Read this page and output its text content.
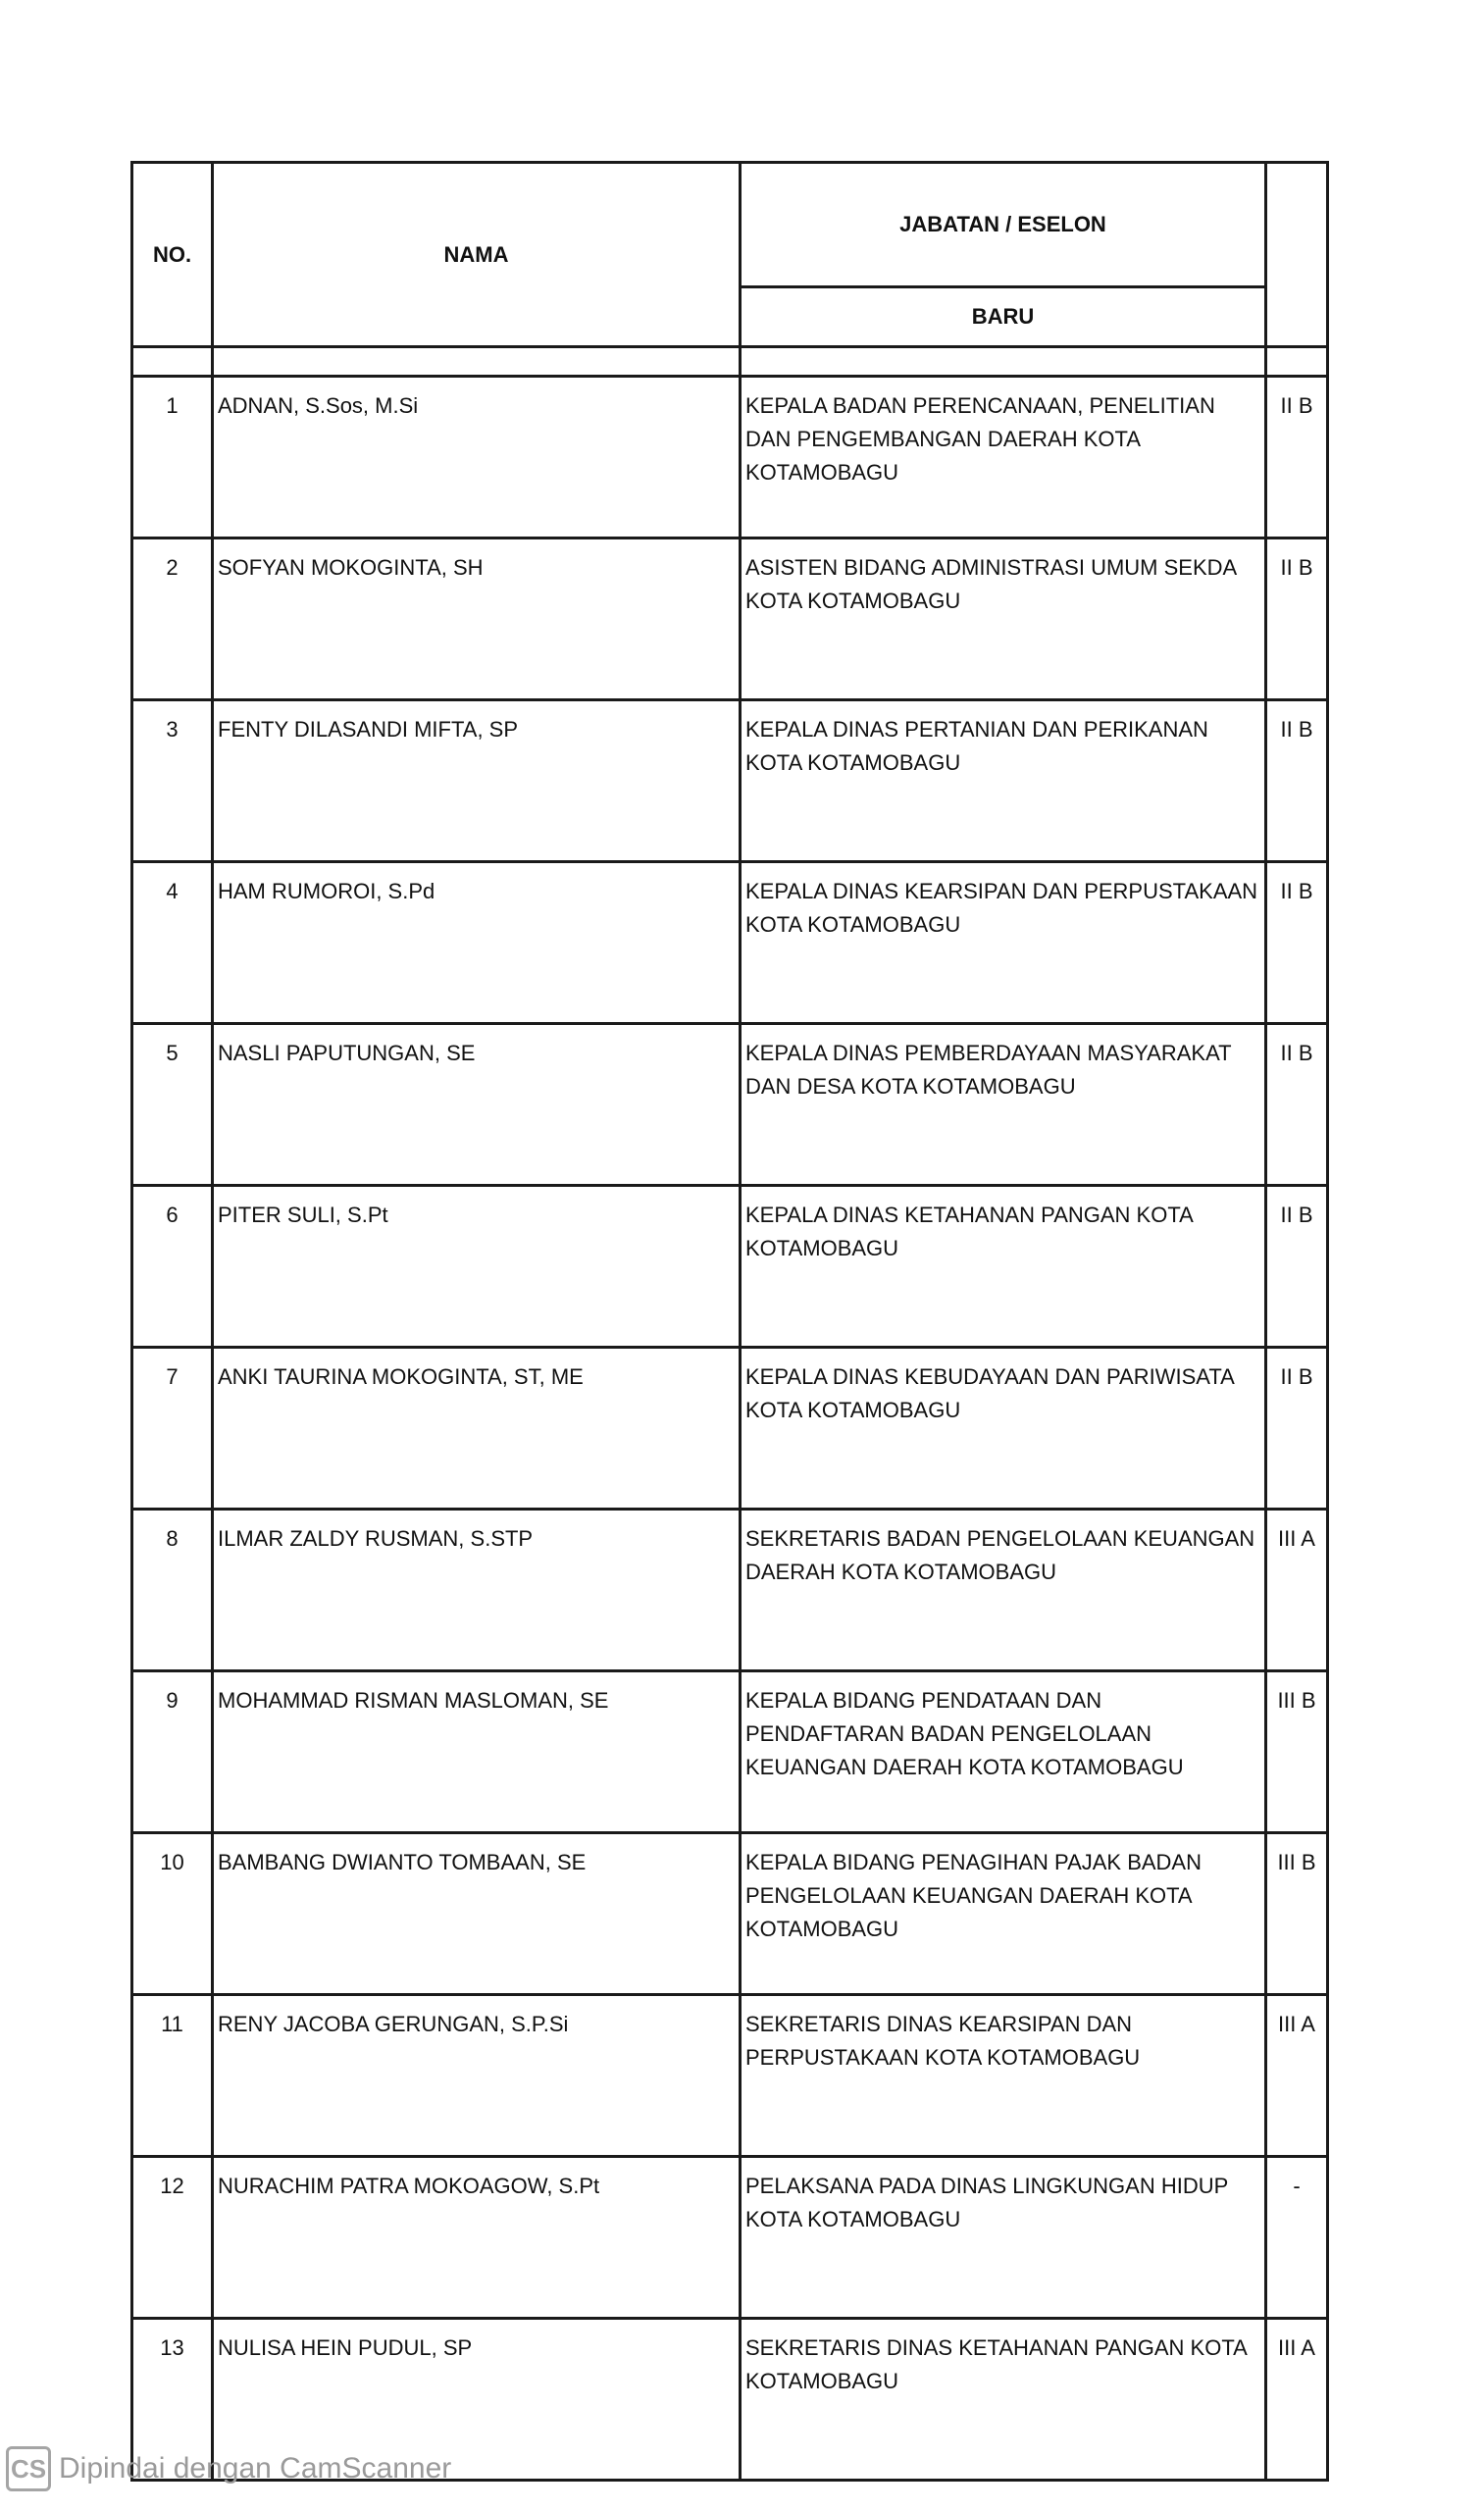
NO.	NAMA	JABATAN / ESELON	
		BARU	

1	ADNAN, S.Sos, M.Si	KEPALA BADAN PERENCANAAN, PENELITIAN DAN PENGEMBANGAN DAERAH KOTA KOTAMOBAGU	II B
2	SOFYAN MOKOGINTA, SH	ASISTEN BIDANG ADMINISTRASI UMUM SEKDA KOTA KOTAMOBAGU	II B
3	FENTY DILASANDI MIFTA, SP	KEPALA DINAS PERTANIAN DAN PERIKANAN KOTA KOTAMOBAGU	II B
4	HAM RUMOROI, S.Pd	KEPALA DINAS KEARSIPAN DAN PERPUSTAKAAN KOTA KOTAMOBAGU	II B
5	NASLI PAPUTUNGAN, SE	KEPALA DINAS PEMBERDAYAAN MASYARAKAT DAN DESA KOTA KOTAMOBAGU	II B
6	PITER SULI, S.Pt	KEPALA DINAS KETAHANAN PANGAN KOTA KOTAMOBAGU	II B
7	ANKI TAURINA MOKOGINTA, ST, ME	KEPALA DINAS KEBUDAYAAN DAN PARIWISATA KOTA KOTAMOBAGU	II B
8	ILMAR ZALDY RUSMAN, S.STP	SEKRETARIS BADAN PENGELOLAAN KEUANGAN DAERAH KOTA KOTAMOBAGU	III A
9	MOHAMMAD RISMAN MASLOMAN, SE	KEPALA BIDANG PENDATAAN DAN PENDAFTARAN BADAN PENGELOLAAN KEUANGAN DAERAH KOTA KOTAMOBAGU	III B
10	BAMBANG DWIANTO TOMBAAN, SE	KEPALA BIDANG PENAGIHAN PAJAK BADAN PENGELOLAAN KEUANGAN DAERAH KOTA KOTAMOBAGU	III B
11	RENY JACOBA GERUNGAN, S.P.Si	SEKRETARIS DINAS KEARSIPAN DAN PERPUSTAKAAN KOTA KOTAMOBAGU	III A
12	NURACHIM PATRA MOKOAGOW, S.Pt	PELAKSANA PADA DINAS LINGKUNGAN HIDUP KOTA KOTAMOBAGU	-
13	NULISA HEIN PUDUL, SP	SEKRETARIS DINAS KETAHANAN PANGAN KOTA KOTAMOBAGU	III A
CS Dipindai dengan CamScanner
